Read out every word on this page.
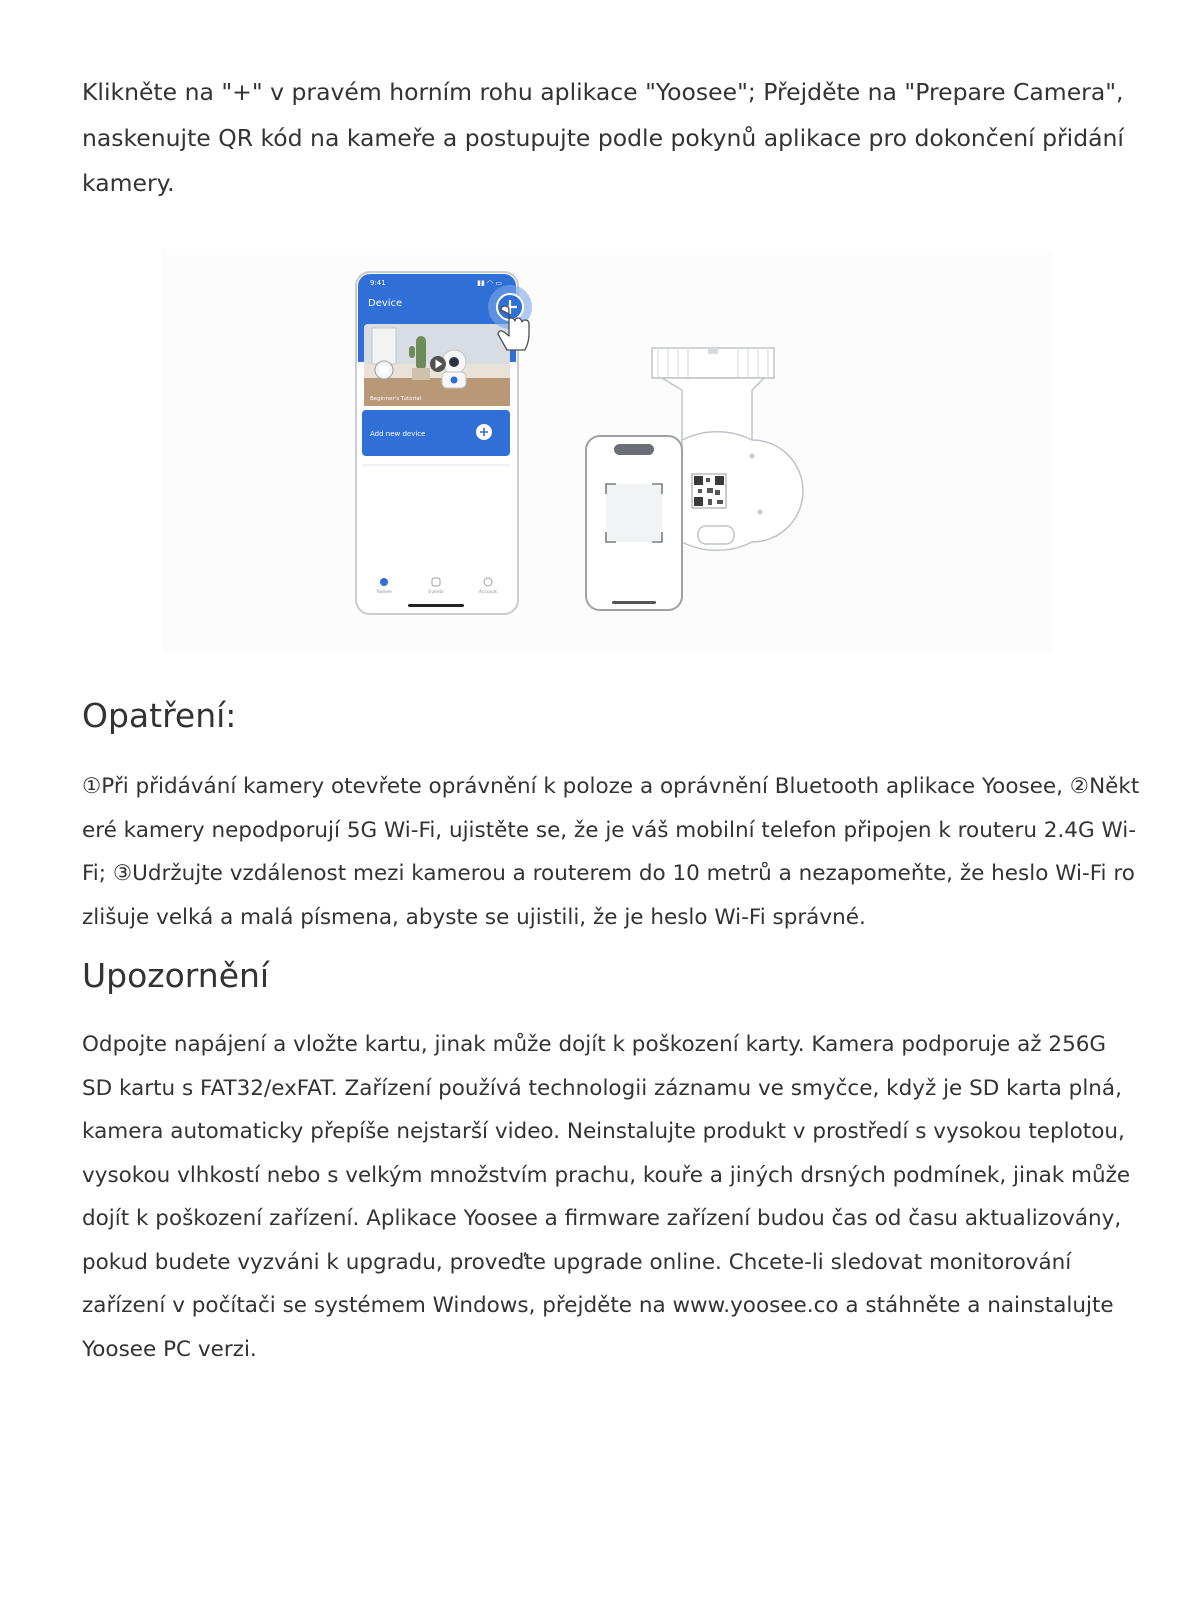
Klikněte na "+" v pravém horním rohu aplikace "Yoosee"; Přejděte na "Prepare Camera", naskenujte QR kód na kameře a postupujte podle pokynů aplikace pro dokončení přidání kamery.

9:41	▮▮ ◠ ▭
Device
Beginner's Tutorial
Add new device
Yoosee	Events	Account
Opatření:

①Při přidávání kamery otevřete oprávnění k poloze a oprávnění Bluetooth aplikace Yoosee, ②Některé kamery nepodporují 5G Wi-Fi, ujistěte se, že je váš mobilní telefon připojen k routeru 2.4G Wi-Fi; ③Udržujte vzdálenost mezi kamerou a routerem do 10 metrů a nezapomeňte, že heslo Wi-Fi rozlišuje velká a malá písmena, abyste se ujistili, že je heslo Wi-Fi správné.

Upozornění

Odpojte napájení a vložte kartu, jinak může dojít k poškození karty. Kamera podporuje až 256G SD kartu s FAT32/exFAT. Zařízení používá technologii záznamu ve smyčce, když je SD karta plná, kamera automaticky přepíše nejstarší video. Neinstalujte produkt v prostředí s vysokou teplotou, vysokou vlhkostí nebo s velkým množstvím prachu, kouře a jiných drsných podmínek, jinak může dojít k poškození zařízení. Aplikace Yoosee a firmware zařízení budou čas od času aktualizovány, pokud budete vyzváni k upgradu, proveďte upgrade online. Chcete-li sledovat monitorování zařízení v počítači se systémem Windows, přejděte na www.yoosee.co a stáhněte a nainstalujte Yoosee PC verzi.
